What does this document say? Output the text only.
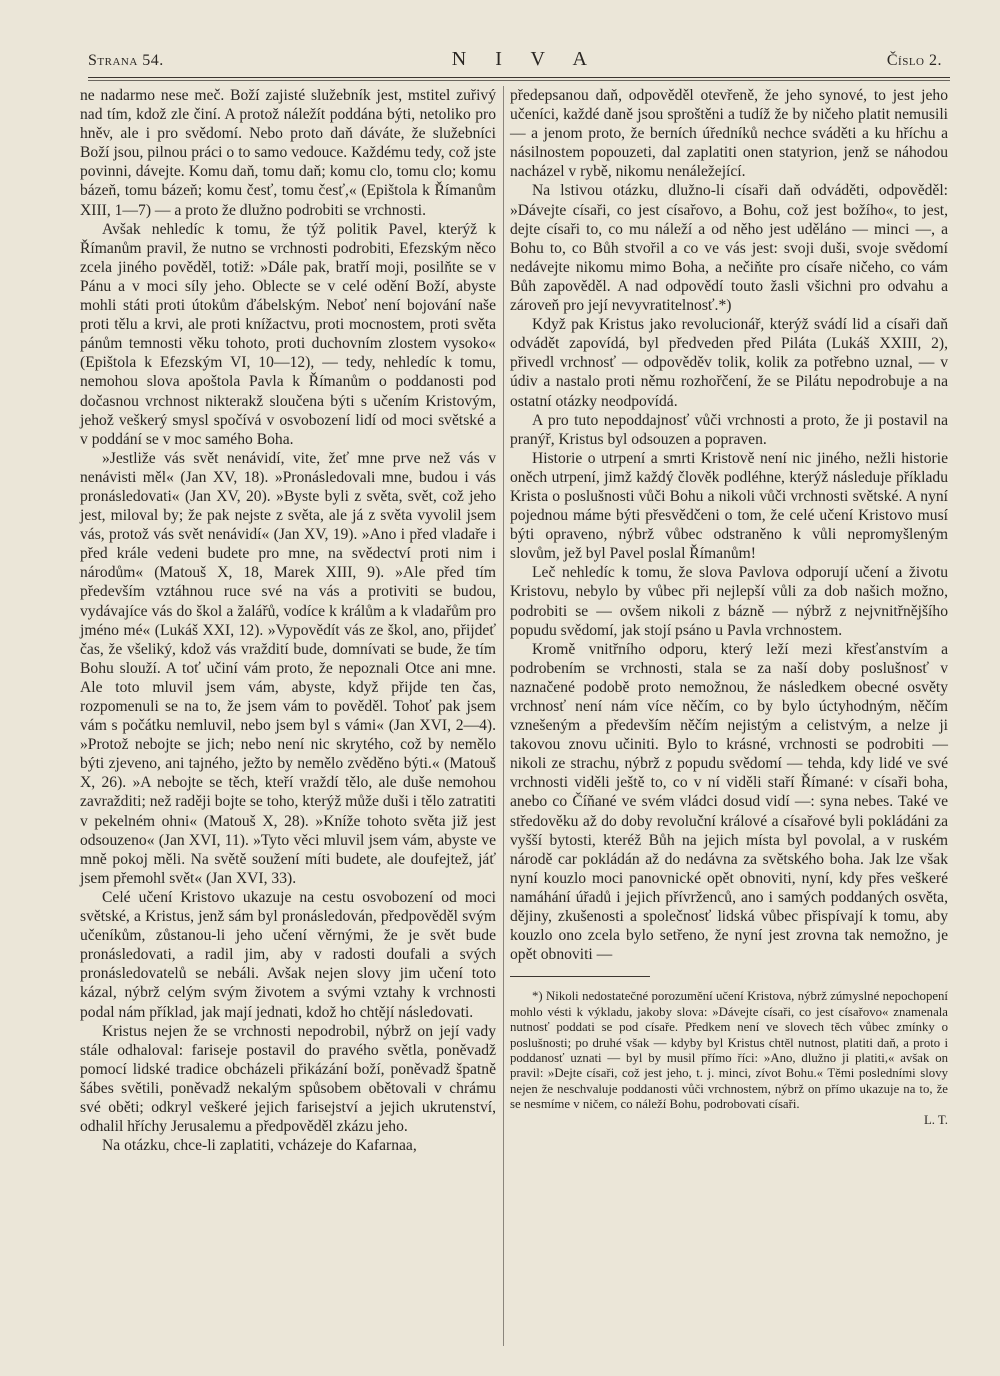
Strana 54.	N I V A	Číslo 2.

ne nadarmo nese meč. Boží zajisté služebník jest, mstitel zuřivý nad tím, kdož zle činí. A protož náležít poddána býti, netoliko pro hněv, ale i pro svědomí. Nebo proto daň dáváte, že služebníci Boží jsou, pilnou práci o to samo vedouce. Každému tedy, což jste povinni, dávejte. Komu daň, tomu daň; komu clo, tomu clo; komu bázeň, tomu bázeň; komu česť, tomu česť,« (Epištola k Římanům XIII, 1—7) — a proto že dlužno podrobiti se vrchnosti.

Avšak nehledíc k tomu, že týž politik Pavel, kterýž k Římanům pravil, že nutno se vrchnosti podrobiti, Efezským něco zcela jiného pověděl, totiž: »Dále pak, bratří moji, posilňte se v Pánu a v moci síly jeho. Oblecte se v celé odění Boží, abyste mohli státi proti útokům ďábelským. Neboť není bojování naše proti tělu a krvi, ale proti knížactvu, proti mocnostem, proti světa pánům temnosti věku tohoto, proti duchovním zlostem vysoko« (Epištola k Efezským VI, 10—12), — tedy, nehledíc k tomu, nemohou slova apoštola Pavla k Římanům o poddanosti pod dočasnou vrchnost nikterakž sloučena býti s učením Kristovým, jehož veškerý smysl spočívá v osvobození lidí od moci světské a v poddání se v moc samého Boha.

»Jestliže vás svět nenávidí, vite, žeť mne prve než vás v nenávisti měl« (Jan XV, 18). »Pronásledovali mne, budou i vás pronásledovati« (Jan XV, 20). »Byste byli z světa, svět, což jeho jest, miloval by; že pak nejste z světa, ale já z světa vyvolil jsem vás, protož vás svět nenávidí« (Jan XV, 19). »Ano i před vladaře i před krále vedeni budete pro mne, na svědectví proti nim i národům« (Matouš X, 18, Marek XIII, 9). »Ale před tím především vztáhnou ruce své na vás a protiviti se budou, vydávajíce vás do škol a žalářů, vodíce k králům a k vladařům pro jméno mé« (Lukáš XXI, 12). »Vypovědít vás ze škol, ano, přijdeť čas, že všeliký, kdož vás vraždití bude, domnívati se bude, že tím Bohu slouží. A toť učiní vám proto, že nepoznali Otce ani mne. Ale toto mluvil jsem vám, abyste, když přijde ten čas, rozpomenuli se na to, že jsem vám to pověděl. Tohoť pak jsem vám s počátku nemluvil, nebo jsem byl s vámi« (Jan XVI, 2—4). »Protož nebojte se jich; nebo není nic skrytého, což by nemělo býti zjeveno, ani tajného, ježto by nemělo zvěděno býti.« (Matouš X, 26). »A nebojte se těch, kteří vraždí tělo, ale duše nemohou zavražditi; než raději bojte se toho, kterýž může duši i tělo zatratiti v pekelném ohni« (Matouš X, 28). »Kníže tohoto světa již jest odsouzeno« (Jan XVI, 11). »Tyto věci mluvil jsem vám, abyste ve mně pokoj měli. Na světě soužení míti budete, ale doufejtež, jáť jsem přemohl svět« (Jan XVI, 33).

Celé učení Kristovo ukazuje na cestu osvobození od moci světské, a Kristus, jenž sám byl pronásledován, předpověděl svým učeníkům, zůstanou-li jeho učení věrnými, že je svět bude pronásledovati, a radil jim, aby v radosti doufali a svých pronásledovatelů se nebáli. Avšak nejen slovy jim učení toto kázal, nýbrž celým svým životem a svými vztahy k vrchnosti podal nám příklad, jak mají jednati, kdož ho chtějí následovati.

Kristus nejen že se vrchnosti nepodrobil, nýbrž on její vady stále odhaloval: fariseje postavil do pravého světla, poněvadž pomocí lidské tradice obcházeli přikázání boží, poněvadž špatně šábes světili, poněvadž nekalým spůsobem obětovali v chrámu své oběti; odkryl veškeré jejich farisejství a jejich ukrutenství, odhalil hříchy Jerusalemu a předpověděl zkázu jeho.

Na otázku, chce-li zaplatiti, vcházeje do Kafarnaa,

předepsanou daň, odpověděl otevřeně, že jeho synové, to jest jeho učeníci, každé daně jsou sproštěni a tudíž že by ničeho platit nemusili — a jenom proto, že berních úředníků nechce sváděti a ku hříchu a násilnostem popouzeti, dal zaplatiti onen statyrion, jenž se náhodou nacházel v rybě, nikomu nenáležející.

Na lstivou otázku, dlužno-li císaři daň odváděti, odpověděl: »Dávejte císaři, co jest císařovo, a Bohu, což jest božího«, to jest, dejte císaři to, co mu náleží a od něho jest uděláno — minci —, a Bohu to, co Bůh stvořil a co ve vás jest: svoji duši, svoje svědomí nedávejte nikomu mimo Boha, a nečiňte pro císaře ničeho, co vám Bůh zapověděl. A nad odpovědí touto žasli všichni pro odvahu a zároveň pro její nevyvratitelnosť.*)

Když pak Kristus jako revolucionář, kterýž svádí lid a císaři daň odvádět zapovídá, byl předveden před Piláta (Lukáš XXIII, 2), přivedl vrchnosť — odpověděv tolik, kolik za potřebno uznal, — v údiv a nastalo proti němu rozhořčení, že se Pilátu nepodrobuje a na ostatní otázky neodpovídá.

A pro tuto nepoddajnosť vůči vrchnosti a proto, že ji postavil na pranýř, Kristus byl odsouzen a popraven.

Historie o utrpení a smrti Kristově není nic jiného, nežli historie oněch utrpení, jimž každý člověk podléhne, kterýž následuje příkladu Krista o poslušnosti vůči Bohu a nikoli vůči vrchnosti světské. A nyní pojednou máme býti přesvědčeni o tom, že celé učení Kristovo musí býti opraveno, nýbrž vůbec odstraněno k vůli nepromyšleným slovům, jež byl Pavel poslal Římanům!

Leč nehledíc k tomu, že slova Pavlova odporují učení a životu Kristovu, nebylo by vůbec při nejlepší vůli za dob našich možno, podrobiti se — ovšem nikoli z bázně — nýbrž z nejvnitřnějšího popudu svědomí, jak stojí psáno u Pavla vrchnostem.

Kromě vnitřního odporu, který leží mezi křesťanstvím a podrobením se vrchnosti, stala se za naší doby poslušnosť v naznačené podobě proto nemožnou, že následkem obecné osvěty vrchnosť není nám více něčím, co by bylo úctyhodným, něčím vznešeným a především něčím nejistým a celistvým, a nelze ji takovou znovu učiniti. Bylo to krásné, vrchnosti se podrobiti — nikoli ze strachu, nýbrž z popudu svědomí — tehda, kdy lidé ve své vrchnosti viděli ještě to, co v ní viděli staří Římané: v císaři boha, anebo co Číňané ve svém vládci dosud vidí —: syna nebes. Také ve středověku až do doby revoluční králové a císařové byli pokládáni za vyšší bytosti, kteréž Bůh na jejich místa byl povolal, a v ruském národě car pokládán až do nedávna za světského boha. Jak lze však nyní kouzlo moci panovnické opět obnoviti, nyní, kdy přes veškeré namáhání úřadů i jejich přívrženců, ano i samých poddaných osvěta, dějiny, zkušenosti a společnosť lidská vůbec přispívají k tomu, aby kouzlo ono zcela bylo setřeno, že nyní jest zrovna tak nemožno, je opět obnoviti —

*) Nikoli nedostatečné porozumění učení Kristova, nýbrž zúmyslné nepochopení mohlo vésti k výkladu, jakoby slova: »Dávejte císaři, co jest císařovo« znamenala nutnosť poddati se pod císaře. Předkem není ve slovech těch vůbec zmínky o poslušnosti; po druhé však — kdyby byl Kristus chtěl nutnost, platiti daň, a proto i poddanosť uznati — byl by musil přímo říci: »Ano, dlužno ji platiti,« avšak on pravil: »Dejte císaři, což jest jeho, t. j. minci, zívot Bohu.« Těmi posledními slovy nejen že neschvaluje poddanosti vůči vrchnostem, nýbrž on přímo ukazuje na to, že se nesmíme v ničem, co náleží Bohu, podrobovati císaři.

L. T.
